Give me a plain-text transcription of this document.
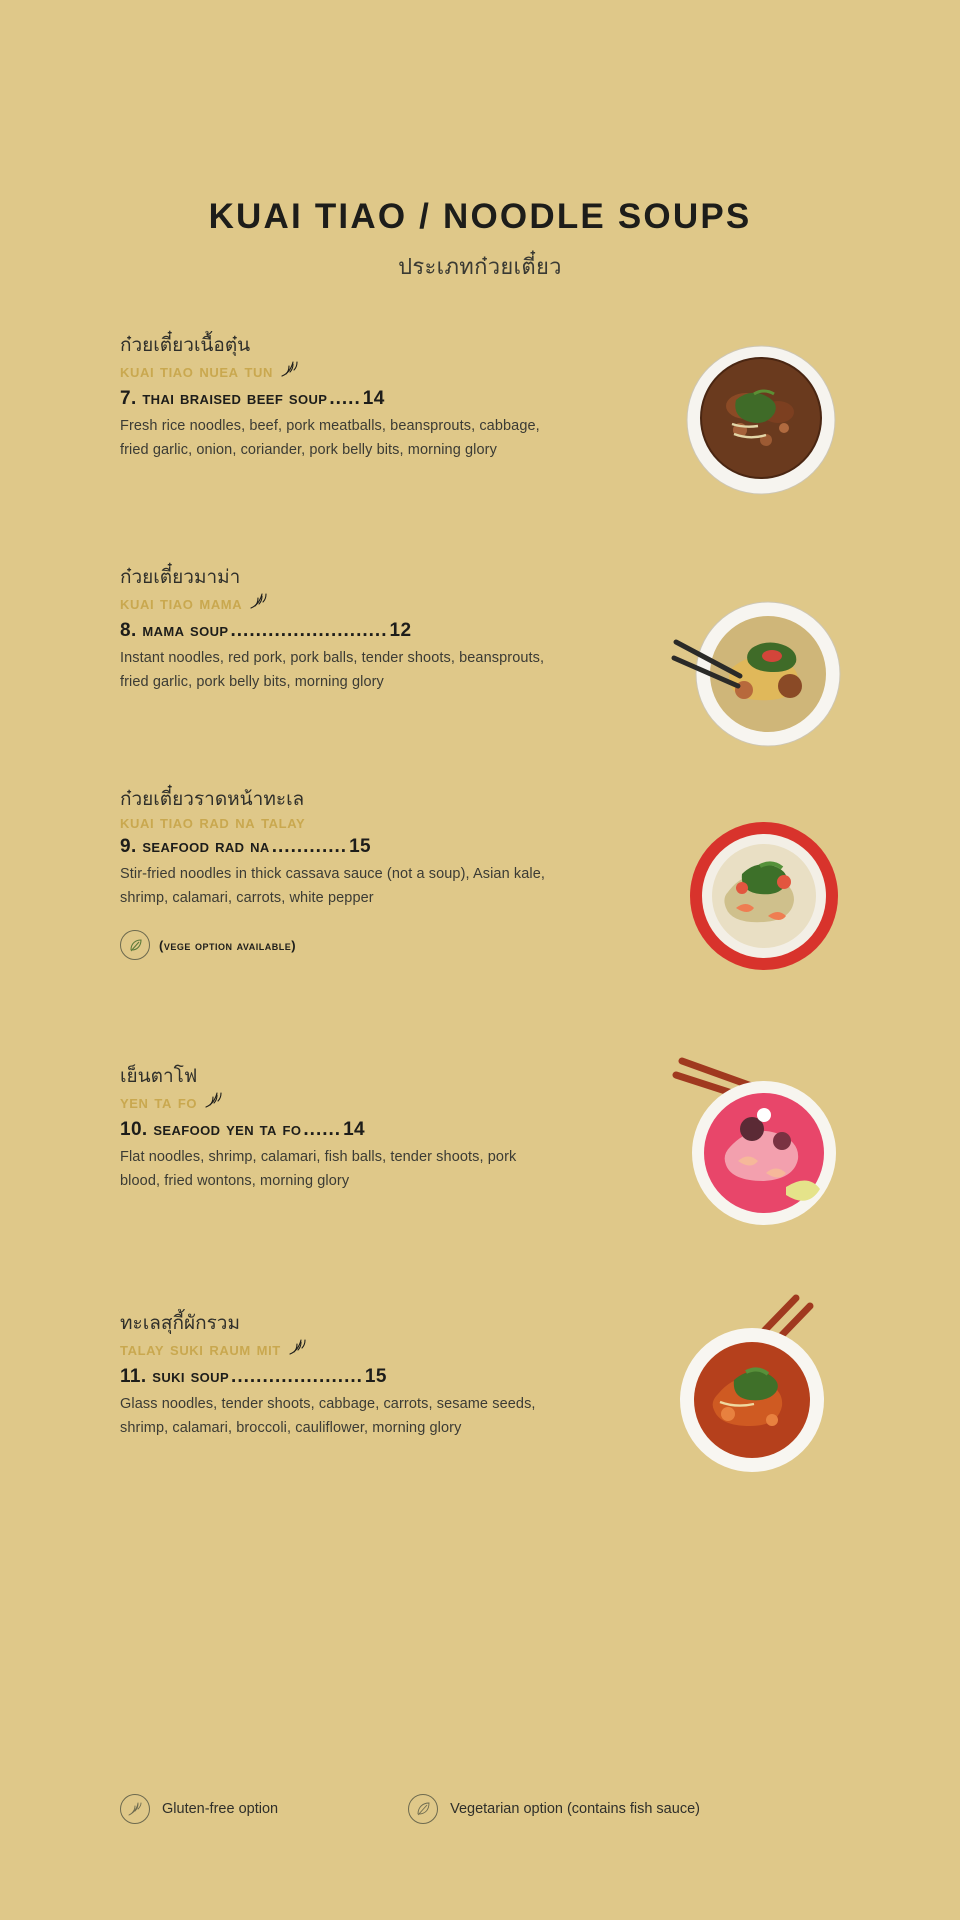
KUAI TIAO / NOODLE SOUPS
ประเภทก๋วยเตี๋ยว
ก๋วยเตี๋ยวเนื้อตุ๋น
kuai tiao nuea tun
7.
thai braised beef soup ..... 14
Fresh rice noodles, beef, pork meatballs, beansprouts, cabbage, fried garlic, onion, coriander, pork belly bits, morning glory
ก๋วยเตี๋ยวมาม่า
kuai tiao mama
8.
mama soup ......................... 12
Instant noodles, red pork, pork balls, tender shoots, beansprouts, fried garlic, pork belly bits, morning glory
ก๋วยเตี๋ยวราดหน้าทะเล
kuai tiao rad na talay
9.
seafood rad na ............ 15
Stir-fried noodles in thick cassava sauce (not a soup), Asian kale, shrimp, calamari, carrots, white pepper
(vege option available)
เย็นตาโฟ
yen ta fo
10.
seafood yen ta fo ...... 14
Flat noodles, shrimp, calamari, fish balls, tender shoots, pork blood, fried wontons, morning glory
ทะเลสุกี้ผักรวม
talay suki raum mit
11.
suki soup ..................... 15
Glass noodles, tender shoots, cabbage, carrots, sesame seeds, shrimp, calamari, broccoli, cauliflower, morning glory
Gluten-free option	Vegetarian option (contains fish sauce)
